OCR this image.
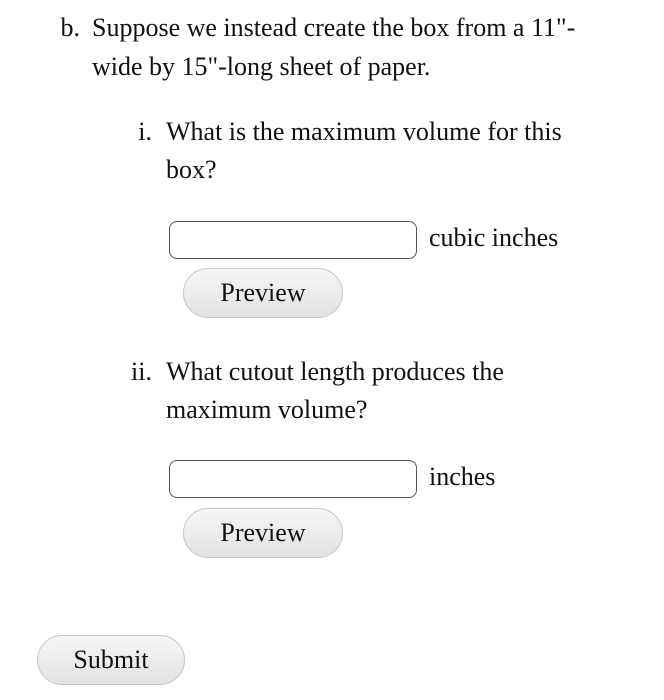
b. Suppose we instead create the box from a 11"-
wide by 15"-long sheet of paper.
i. What is the maximum volume for this
box?
cubic inches
Preview
ii. What cutout length produces the
maximum volume?
inches
Preview
Submit
